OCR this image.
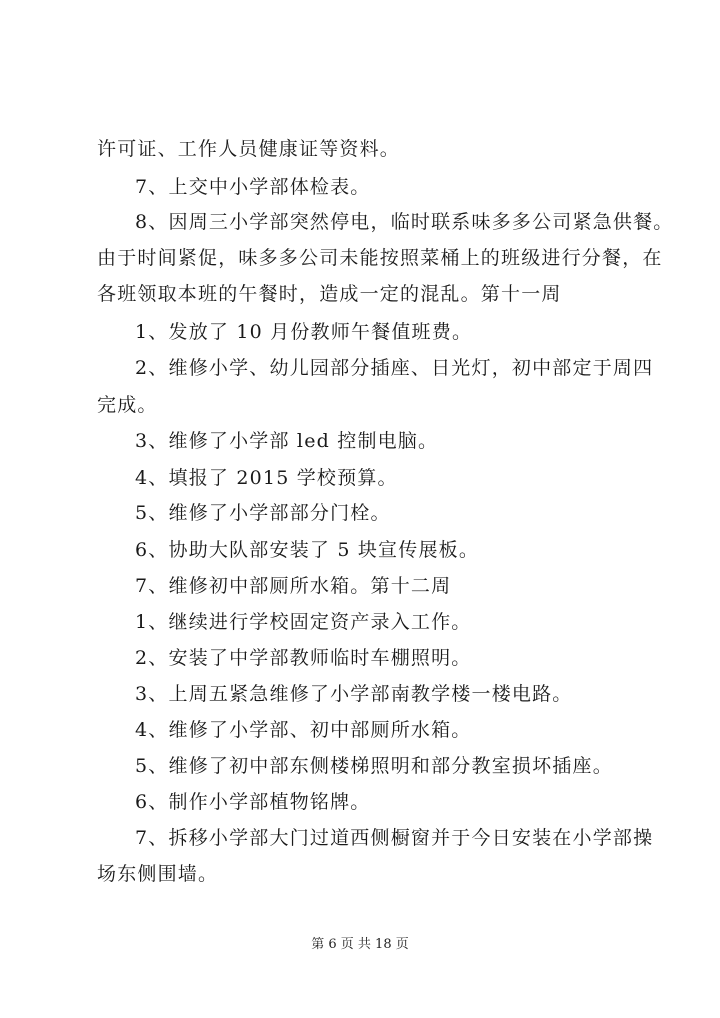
许可证、工作人员健康证等资料。
7、上交中小学部体检表。
8、因周三小学部突然停电，临时联系味多多公司紧急供餐。
由于时间紧促，味多多公司未能按照菜桶上的班级进行分餐，在
各班领取本班的午餐时，造成一定的混乱。第十一周
1、发放了 10 月份教师午餐值班费。
2、维修小学、幼儿园部分插座、日光灯，初中部定于周四
完成。
3、维修了小学部 led 控制电脑。
4、填报了 2015 学校预算。
5、维修了小学部部分门栓。
6、协助大队部安装了 5 块宣传展板。
7、维修初中部厕所水箱。第十二周
1、继续进行学校固定资产录入工作。
2、安装了中学部教师临时车棚照明。
3、上周五紧急维修了小学部南教学楼一楼电路。
4、维修了小学部、初中部厕所水箱。
5、维修了初中部东侧楼梯照明和部分教室损坏插座。
6、制作小学部植物铭牌。
7、拆移小学部大门过道西侧橱窗并于今日安装在小学部操
场东侧围墙。
第 6 页 共 18 页
